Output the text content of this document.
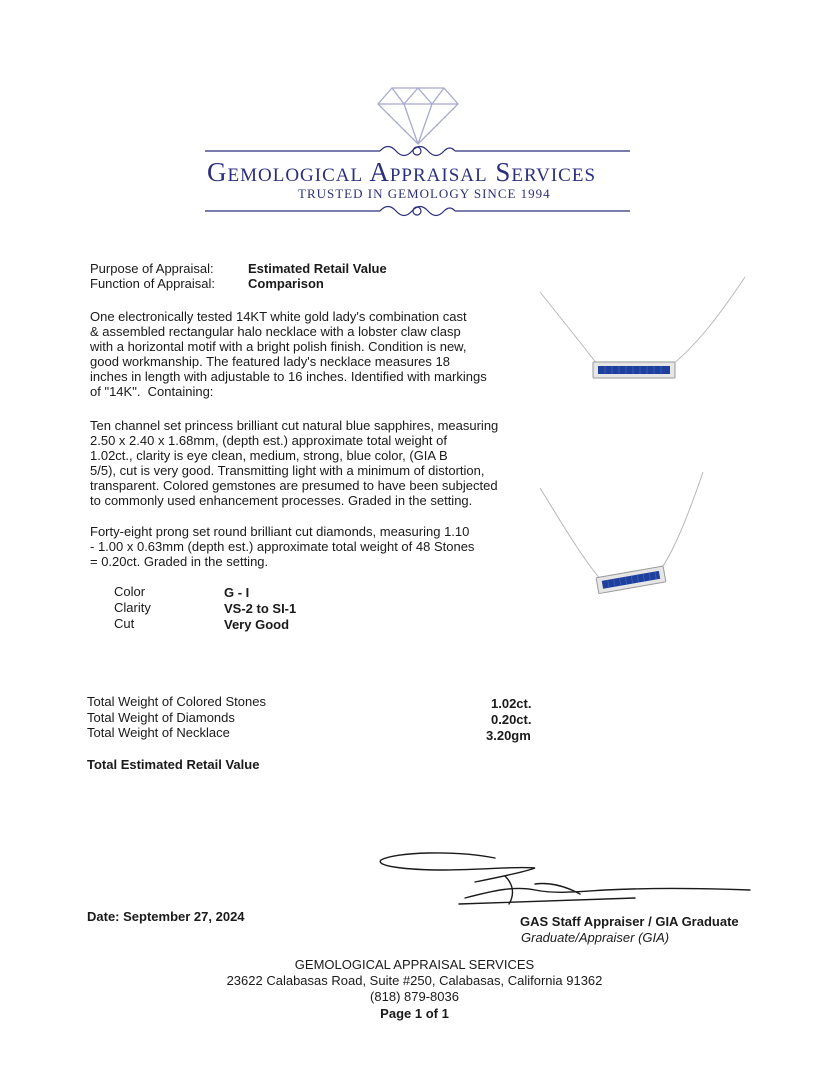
Gemological Appraisal Services
TRUSTED IN GEMOLOGY SINCE 1994
Purpose of Appraisal:	Estimated Retail Value
Function of Appraisal:	Comparison
One electronically tested 14KT white gold lady's combination cast
& assembled rectangular halo necklace with a lobster claw clasp
with a horizontal motif with a bright polish finish. Condition is new,
good workmanship. The featured lady's necklace measures 18
inches in length with adjustable to 16 inches. Identified with markings
of "14K".  Containing:
Ten channel set princess brilliant cut natural blue sapphires, measuring
2.50 x 2.40 x 1.68mm, (depth est.) approximate total weight of
1.02ct., clarity is eye clean, medium, strong, blue color, (GIA B
5/5), cut is very good. Transmitting light with a minimum of distortion,
transparent. Colored gemstones are presumed to have been subjected
to commonly used enhancement processes. Graded in the setting.
Forty-eight prong set round brilliant cut diamonds, measuring 1.10
- 1.00 x 0.63mm (depth est.) approximate total weight of 48 Stones
= 0.20ct. Graded in the setting.
Color	G - I
Clarity	VS-2 to SI-1
Cut	Very Good
Total Weight of Colored Stones	1.02ct.
Total Weight of Diamonds	0.20ct.
Total Weight of Necklace	3.20gm
Total Estimated Retail Value
Date: September 27, 2024	GAS Staff Appraiser / GIA Graduate
Graduate/Appraiser (GIA)
GEMOLOGICAL APPRAISAL SERVICES
23622 Calabasas Road, Suite #250, Calabasas, California 91362
(818) 879-8036
Page 1 of 1
